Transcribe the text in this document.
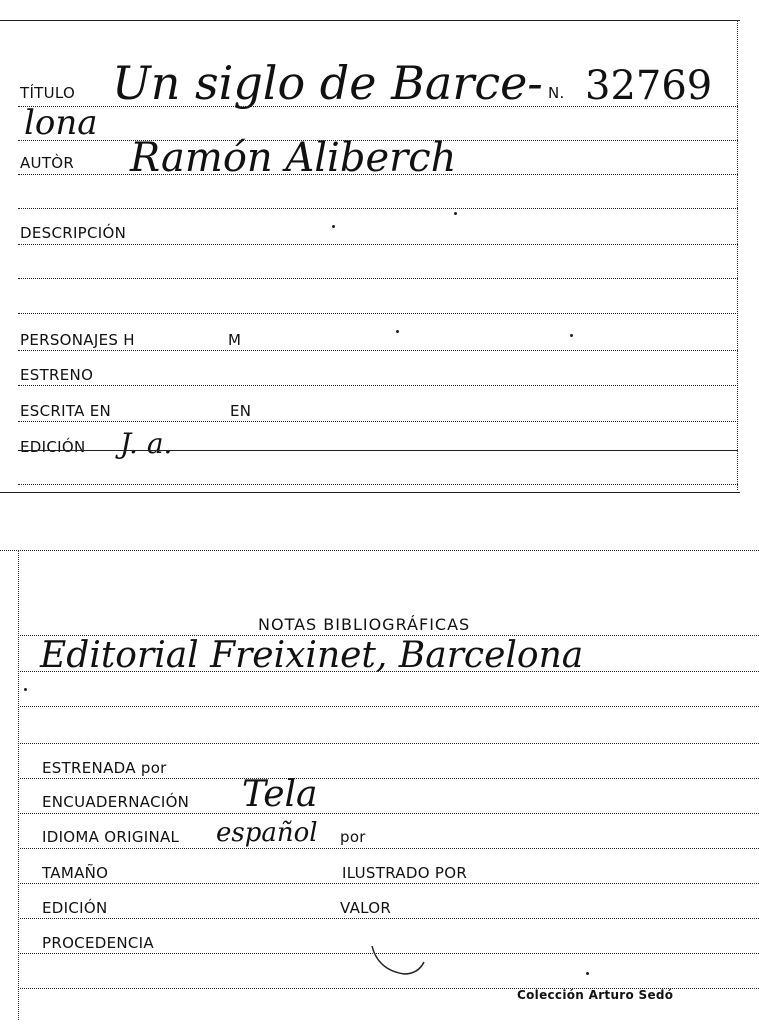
TÍTULO Un siglo de Barce- N. 32769
lona
AUTÒR Ramón Aliberch
DESCRIPCIÓN
PERSONAJES H	M
ESTRENO
ESCRITA EN	EN
EDICIÓN J. a.
NOTAS BIBLIOGRÁFICAS
Editorial Freixinet, Barcelona
ESTRENADA por
ENCUADERNACIÓN Tela
IDIOMA ORIGINAL español por
TAMAÑO	ILUSTRADO POR
EDICIÓN	VALOR
PROCEDENCIA
Colección Arturo Sedó
